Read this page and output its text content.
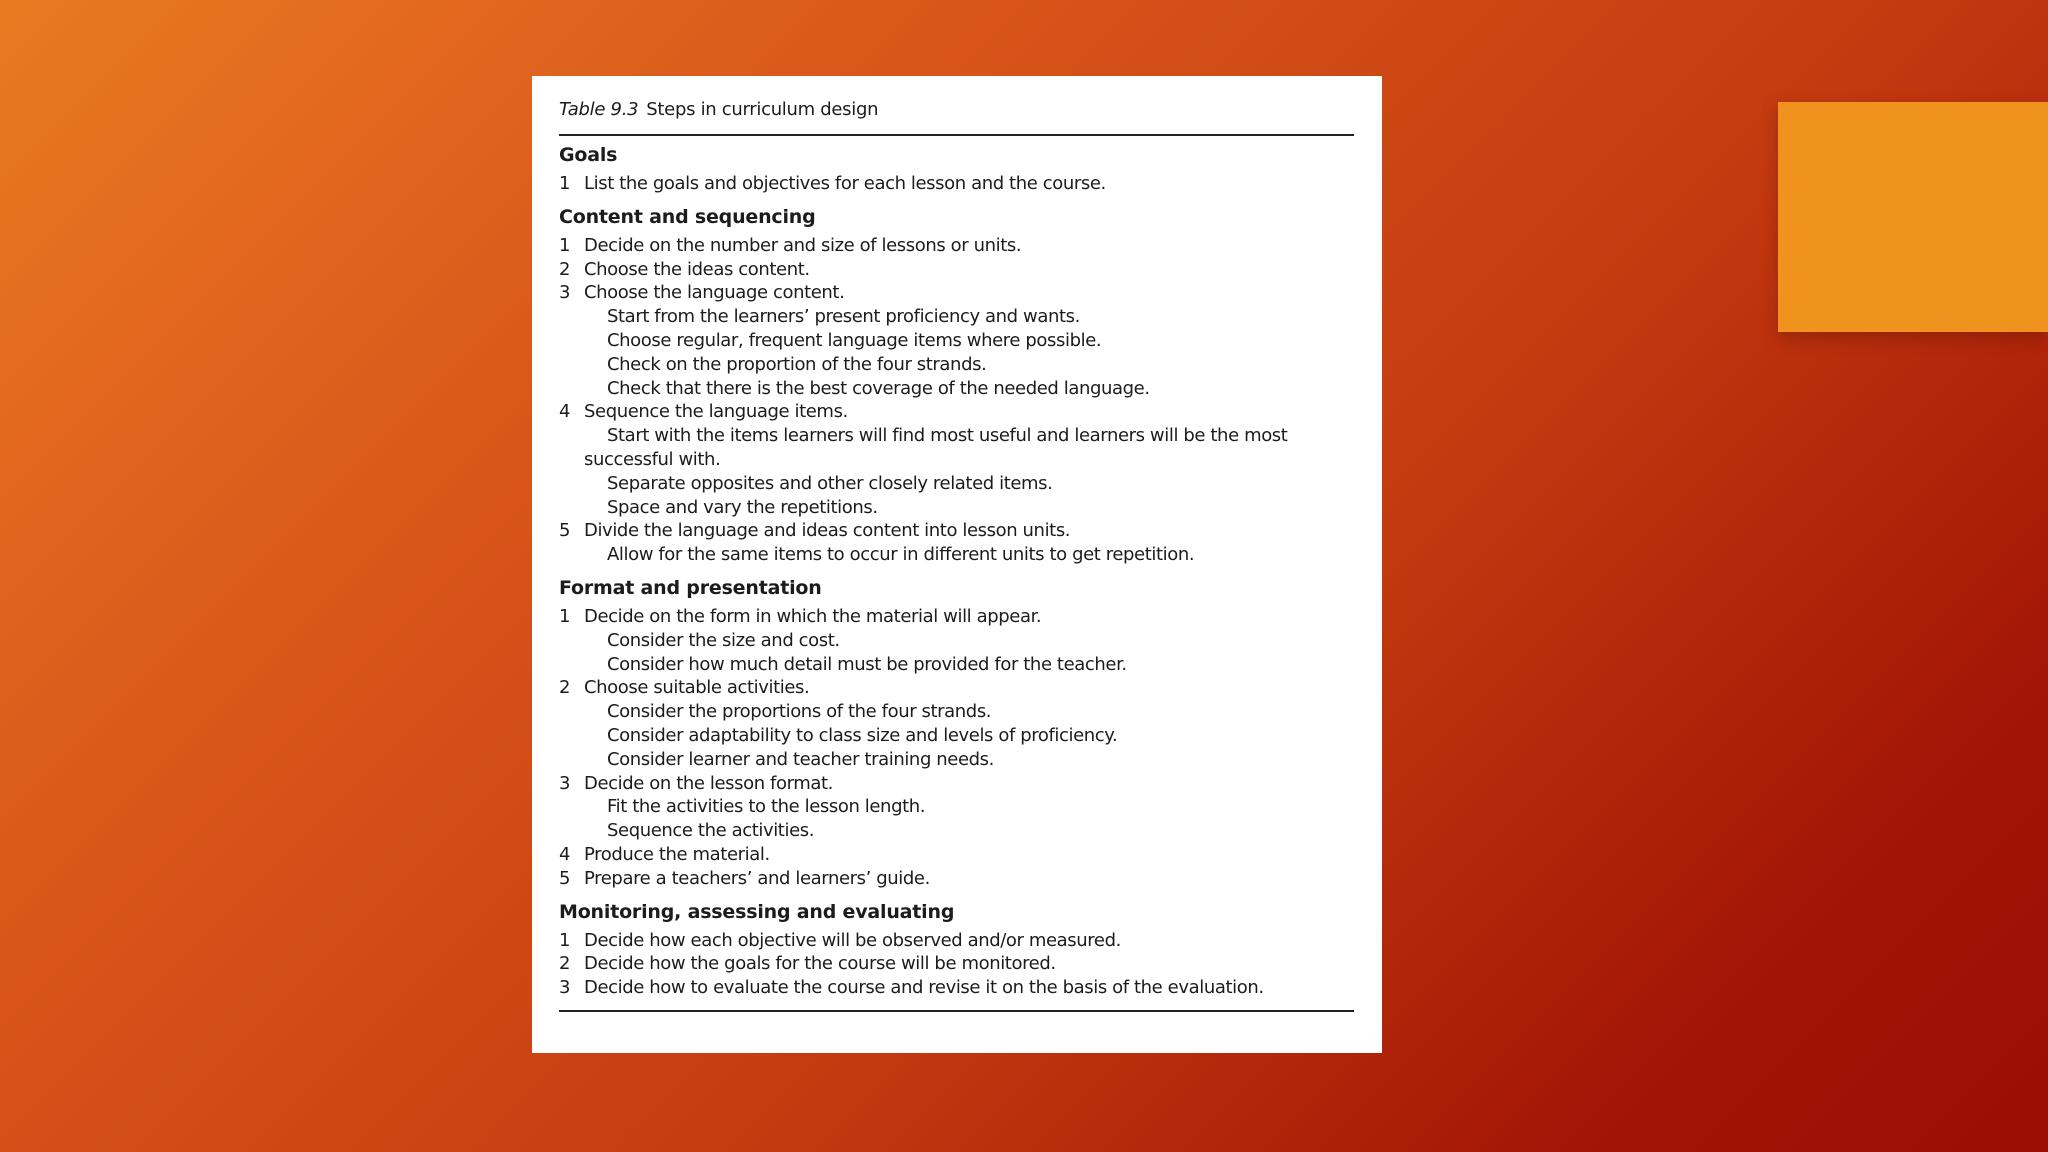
Table 9.3 Steps in curriculum design
Goals
1 List the goals and objectives for each lesson and the course.
Content and sequencing
1 Decide on the number and size of lessons or units.
2 Choose the ideas content.
3 Choose the language content.
Start from the learners’ present proficiency and wants.
Choose regular, frequent language items where possible.
Check on the proportion of the four strands.
Check that there is the best coverage of the needed language.
4 Sequence the language items.
Start with the items learners will find most useful and learners will be the most successful with.
Separate opposites and other closely related items.
Space and vary the repetitions.
5 Divide the language and ideas content into lesson units.
Allow for the same items to occur in different units to get repetition.
Format and presentation
1 Decide on the form in which the material will appear.
Consider the size and cost.
Consider how much detail must be provided for the teacher.
2 Choose suitable activities.
Consider the proportions of the four strands.
Consider adaptability to class size and levels of proficiency.
Consider learner and teacher training needs.
3 Decide on the lesson format.
Fit the activities to the lesson length.
Sequence the activities.
4 Produce the material.
5 Prepare a teachers’ and learners’ guide.
Monitoring, assessing and evaluating
1 Decide how each objective will be observed and/or measured.
2 Decide how the goals for the course will be monitored.
3 Decide how to evaluate the course and revise it on the basis of the evaluation.
